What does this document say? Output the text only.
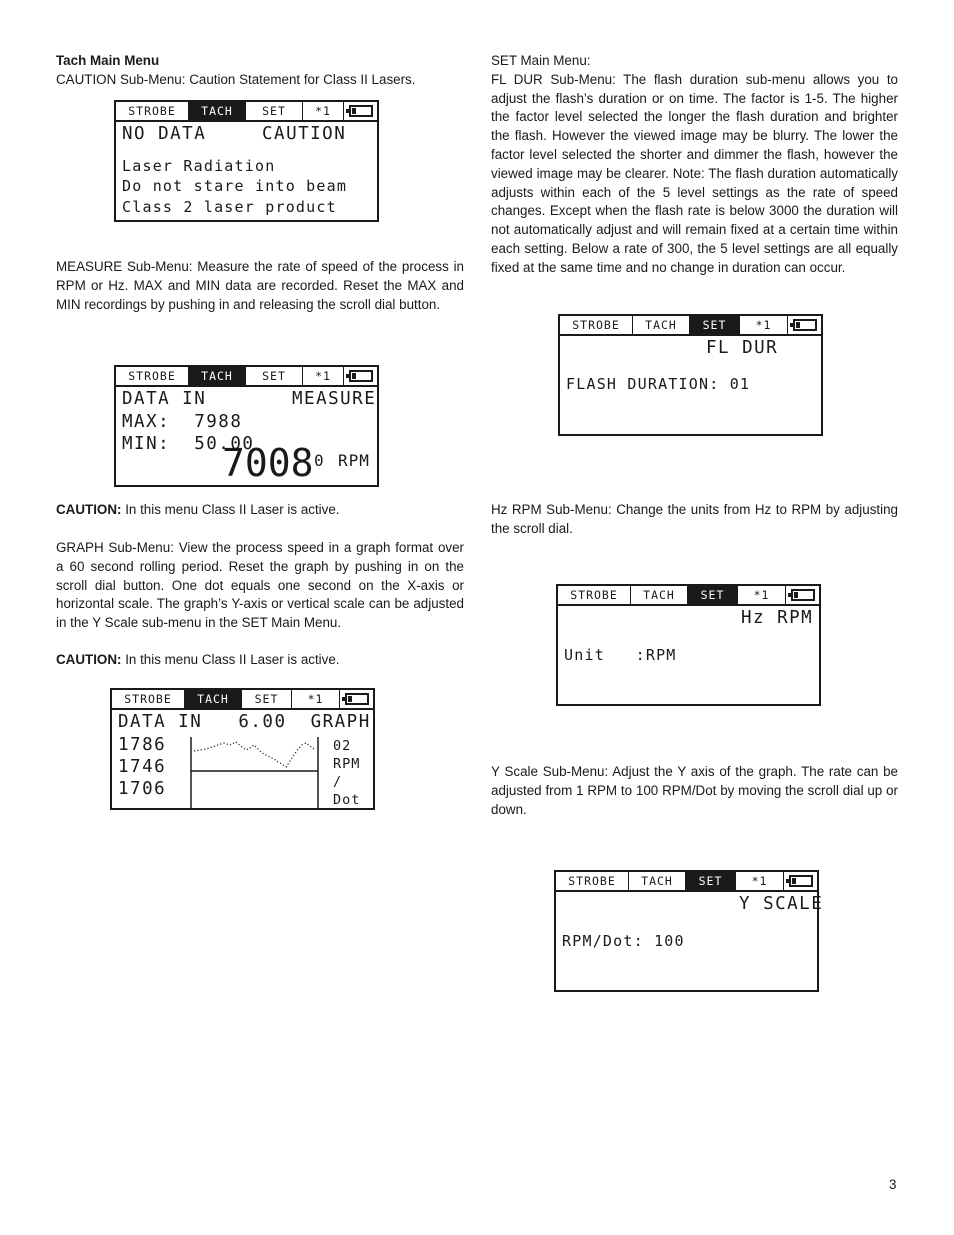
Tach Main Menu

CAUTION Sub-Menu: Caution Statement for Class II Lasers.

STROBE	TACH	SET	*1
NO DATA	CAUTION
Laser Radiation
Do not stare into beam
Class 2 laser product

MEASURE Sub-Menu: Measure the rate of speed of the process in RPM or Hz. MAX and MIN data are recorded. Reset the MAX and MIN recordings by pushing in and releasing the scroll dial button.

STROBE	TACH	SET	*1
DATA IN	MEASURE
MAX:  7988
MIN:  50.00
7008 0 RPM

CAUTION: In this menu Class II Laser is active.

GRAPH Sub-Menu: View the process speed in a graph format over a 60 second rolling period. Reset the graph by pushing in on the scroll dial button. One dot equals one second on the X-axis or horizontal scale. The graph’s Y-axis or vertical scale can be adjusted in the Y Scale sub-menu in the SET Main Menu.

CAUTION: In this menu Class II Laser is active.

STROBE	TACH	SET	*1
DATA IN   6.00  GRAPH
1786
1746
1706
02
RPM
/
Dot

SET Main Menu:

FL DUR Sub-Menu: The flash duration sub-menu allows you to adjust the flash’s duration or on time. The factor is 1-5. The higher the factor level selected the longer the flash duration and brighter the flash. However the viewed image may be blurry. The lower the factor level selected the shorter and dimmer the flash, however the viewed image may be clearer. Note: The flash duration automatically adjusts within each of the 5 level settings as the rate of speed changes. Except when the flash rate is below 3000 the duration will not automatically adjust and will remain fixed at a certain time within each setting. Below a rate of 300, the 5 level settings are all equally fixed at the same time and no change in duration can occur.

STROBE	TACH	SET	*1
FL DUR
FLASH DURATION: 01

Hz RPM Sub-Menu: Change the units from Hz to RPM by adjusting the scroll dial.

STROBE	TACH	SET	*1
Hz RPM
Unit   :RPM

Y Scale Sub-Menu: Adjust the Y axis of the graph. The rate can be adjusted from 1 RPM to 100 RPM/Dot by moving the scroll dial up or down.

STROBE	TACH	SET	*1
Y SCALE
RPM/Dot: 100
3
